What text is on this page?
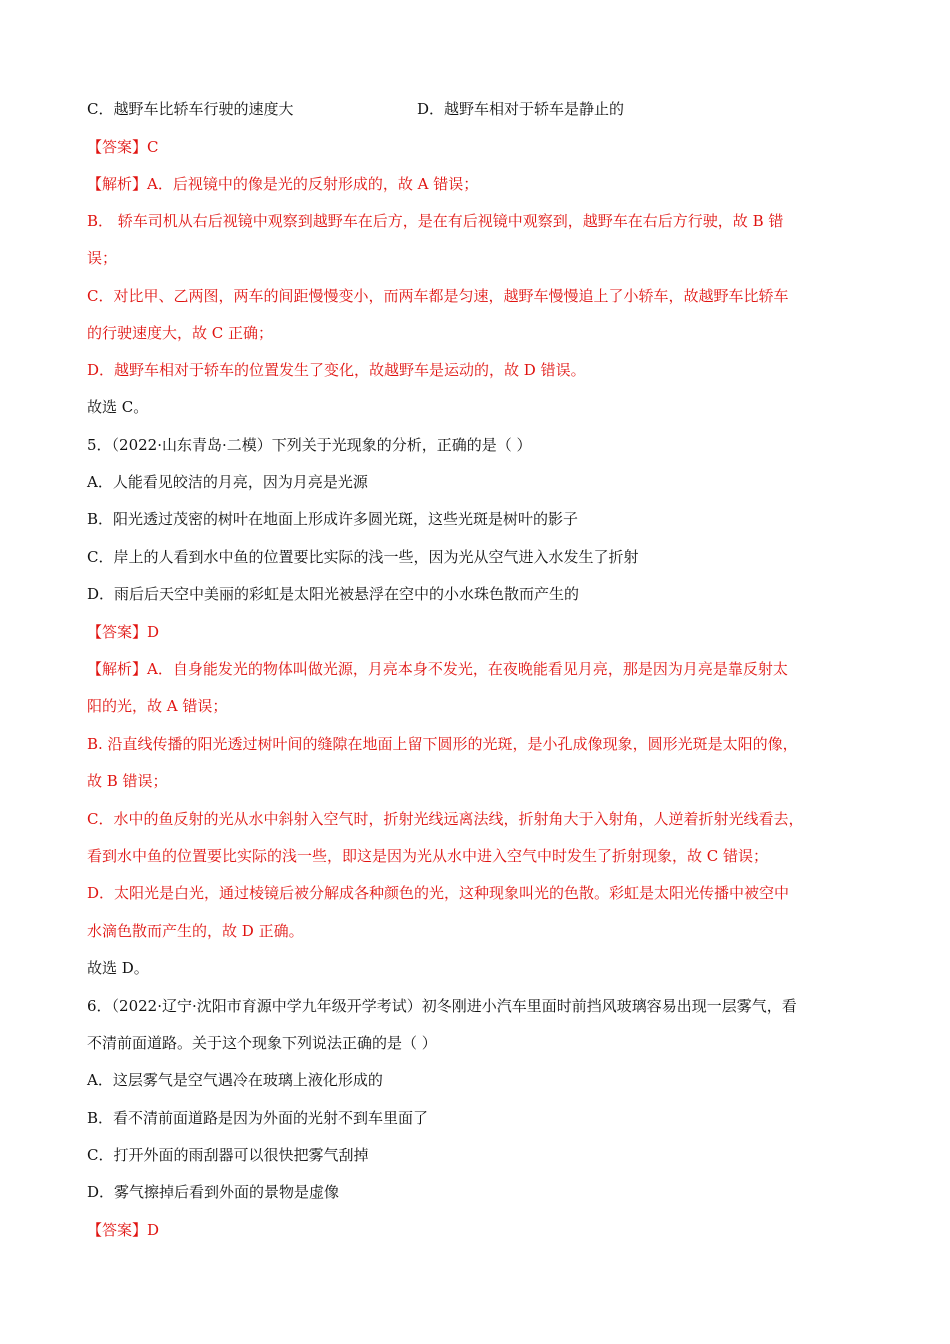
C．越野车比轿车行驶的速度大	D．越野车相对于轿车是静止的
【答案】C
【解析】A．后视镜中的像是光的反射形成的，故 A 错误；
B． 轿车司机从右后视镜中观察到越野车在后方，是在有后视镜中观察到，越野车在右后方行驶，故 B 错
误；
C．对比甲、乙两图，两车的间距慢慢变小，而两车都是匀速，越野车慢慢追上了小轿车，故越野车比轿车
的行驶速度大，故 C 正确；
D．越野车相对于轿车的位置发生了变化，故越野车是运动的，故 D 错误。
故选 C。
5．（2022·山东青岛·二模）下列关于光现象的分析，正确的是（ ）
A．人能看见皎洁的月亮，因为月亮是光源
B．阳光透过茂密的树叶在地面上形成许多圆光斑，这些光斑是树叶的影子
C．岸上的人看到水中鱼的位置要比实际的浅一些，因为光从空气进入水发生了折射
D．雨后后天空中美丽的彩虹是太阳光被悬浮在空中的小水珠色散而产生的
【答案】D
【解析】A．自身能发光的物体叫做光源，月亮本身不发光，在夜晚能看见月亮，那是因为月亮是靠反射太
阳的光，故 A 错误；
B. 沿直线传播的阳光透过树叶间的缝隙在地面上留下圆形的光斑，是小孔成像现象，圆形光斑是太阳的像，
故 B 错误；
C．水中的鱼反射的光从水中斜射入空气时，折射光线远离法线，折射角大于入射角，人逆着折射光线看去，
看到水中鱼的位置要比实际的浅一些，即这是因为光从水中进入空气中时发生了折射现象，故 C 错误；
D．太阳光是白光，通过棱镜后被分解成各种颜色的光，这种现象叫光的色散。彩虹是太阳光传播中被空中
水滴色散而产生的，故 D 正确。
故选 D。
6．（2022·辽宁·沈阳市育源中学九年级开学考试）初冬刚进小汽车里面时前挡风玻璃容易出现一层雾气，看
不清前面道路。关于这个现象下列说法正确的是（ ）
A．这层雾气是空气遇冷在玻璃上液化形成的
B．看不清前面道路是因为外面的光射不到车里面了
C．打开外面的雨刮器可以很快把雾气刮掉
D．雾气擦掉后看到外面的景物是虚像
【答案】D
